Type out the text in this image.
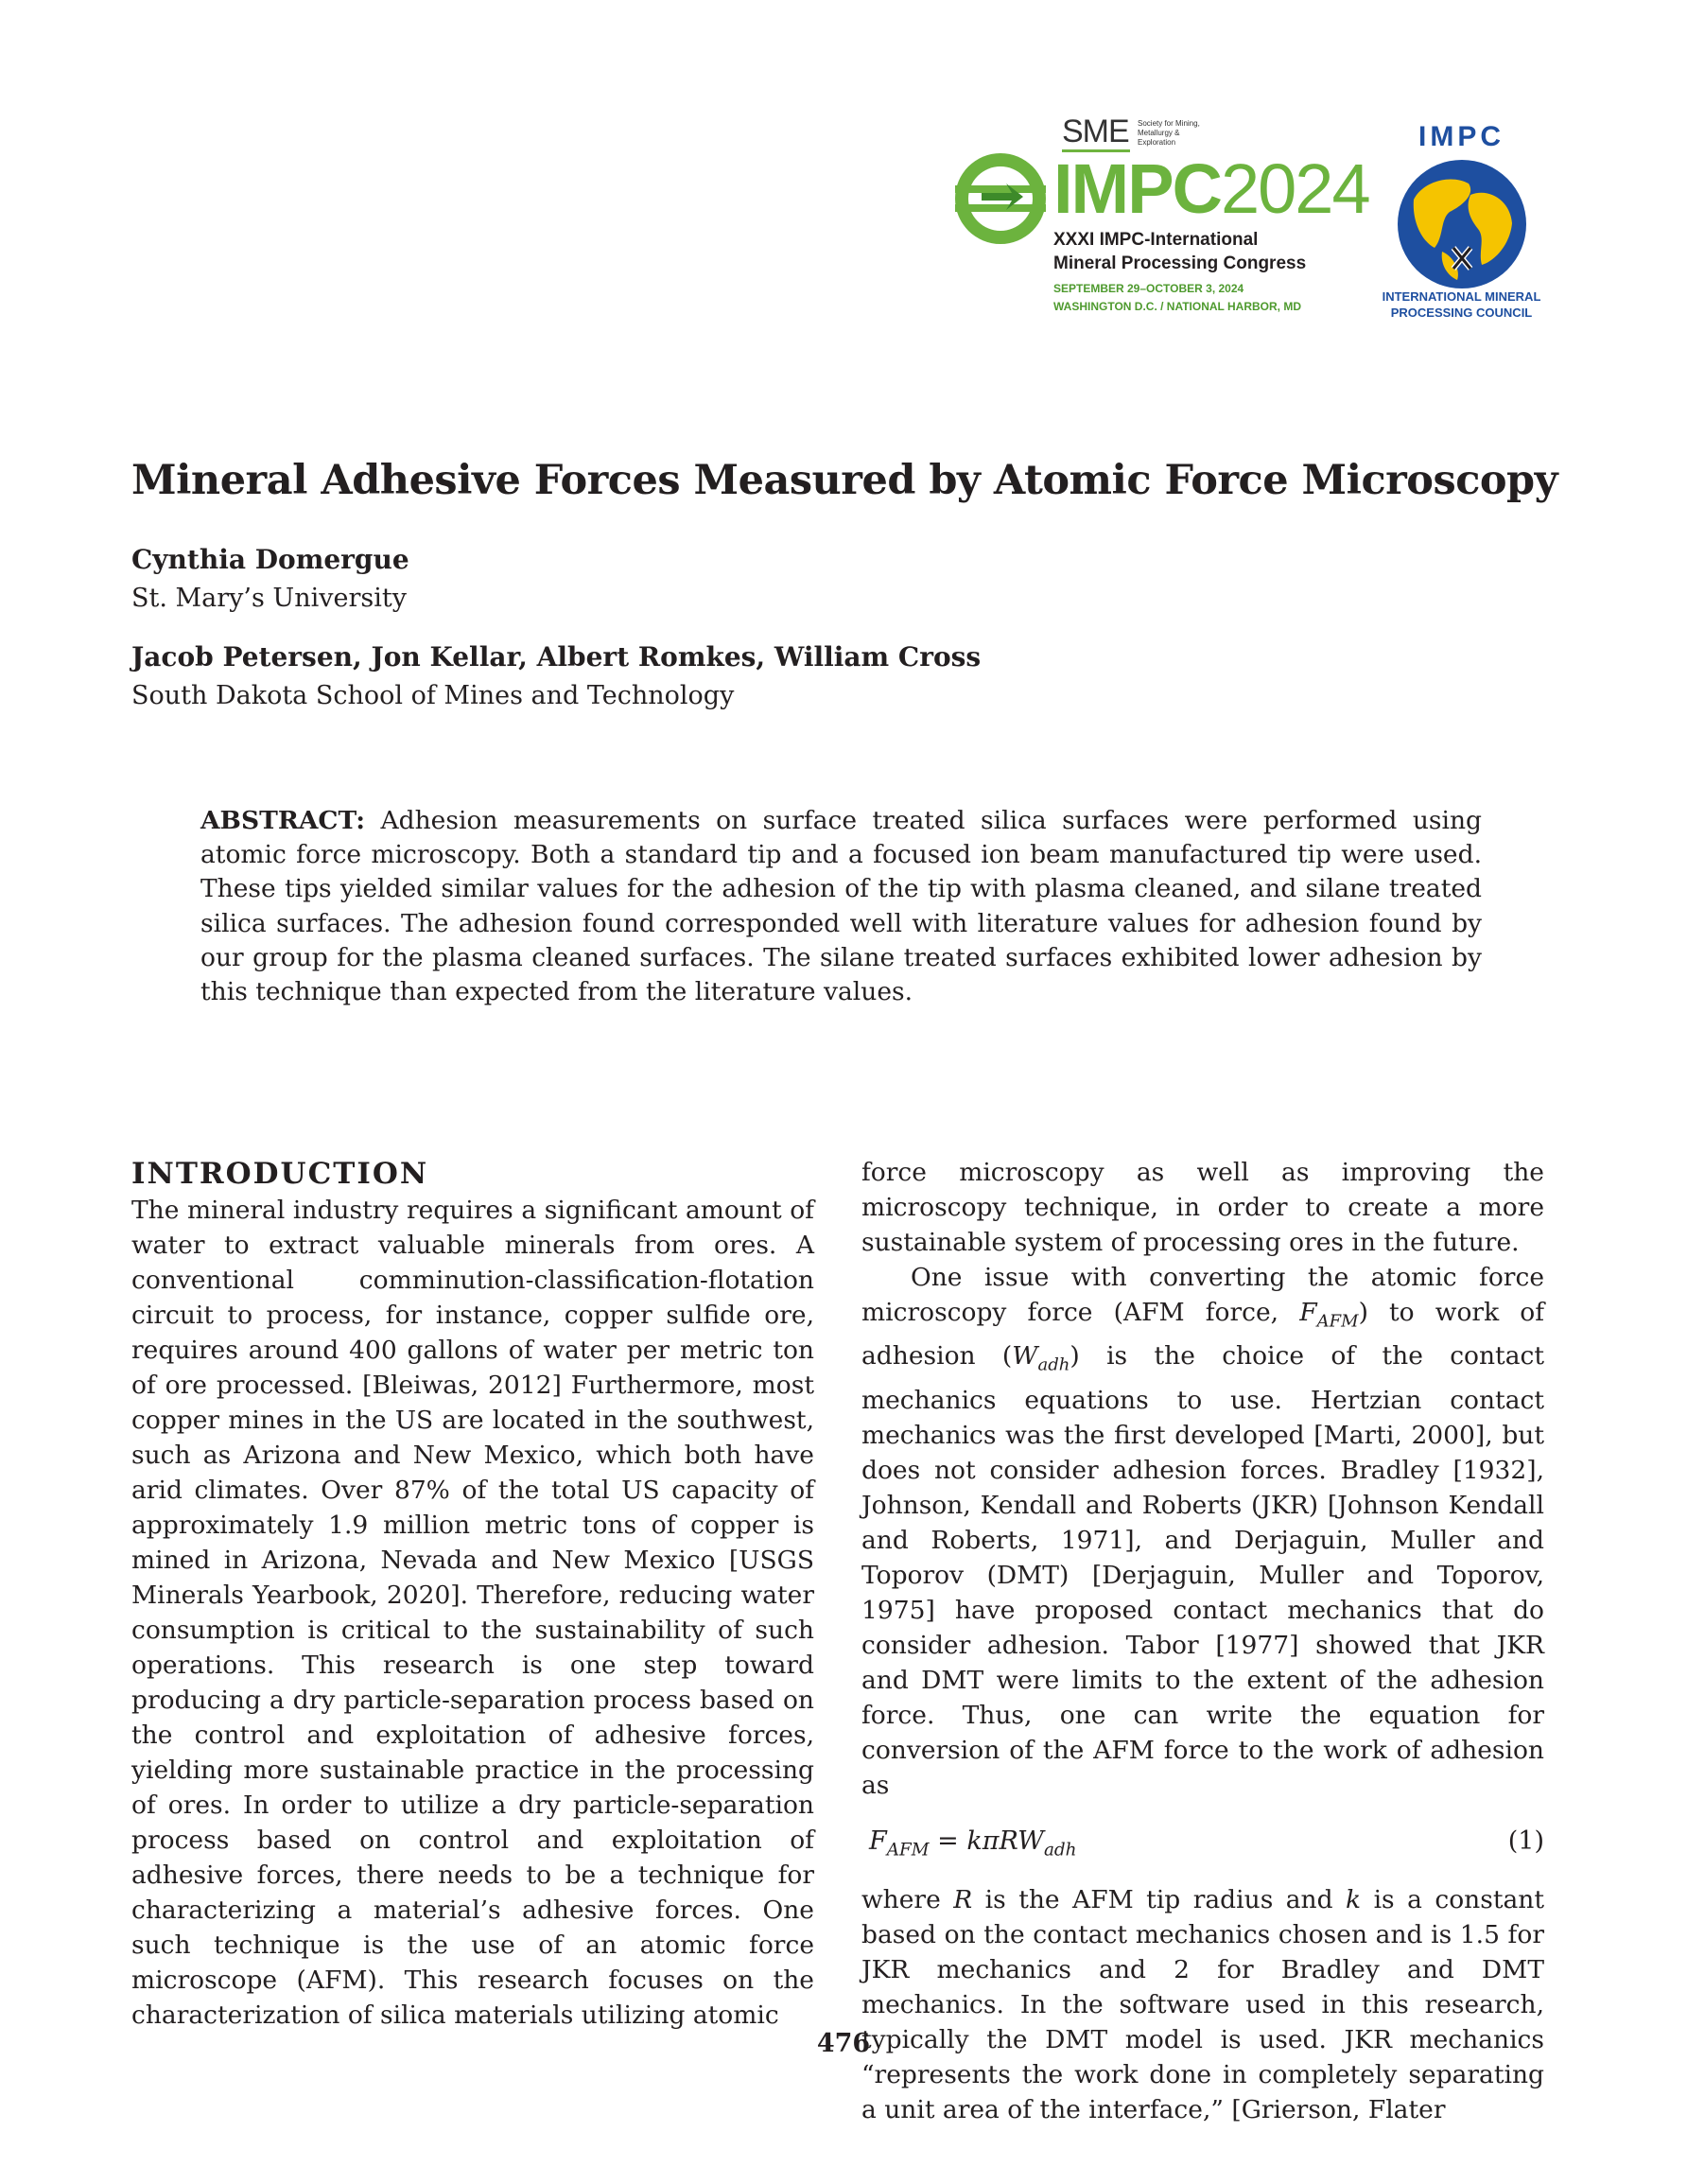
SME Society for Mining, Metallurgy & Exploration
IMPC2024
XXXI IMPC-International
Mineral Processing Congress
SEPTEMBER 29–OCTOBER 3, 2024
WASHINGTON D.C. / NATIONAL HARBOR, MD
IMPC
INTERNATIONAL MINERAL
PROCESSING COUNCIL
Mineral Adhesive Forces Measured by Atomic Force Microscopy
Cynthia Domergue
St. Mary’s University
Jacob Petersen, Jon Kellar, Albert Romkes, William Cross
South Dakota School of Mines and Technology

ABSTRACT: Adhesion measurements on surface treated silica surfaces were performed using atomic force microscopy. Both a standard tip and a focused ion beam manufactured tip were used. These tips yielded similar values for the adhesion of the tip with plasma cleaned, and silane treated silica surfaces. The adhesion found corresponded well with literature values for adhesion found by our group for the plasma cleaned surfaces. The silane treated surfaces exhibited lower adhesion by this technique than expected from the literature values.

INTRODUCTION

The mineral industry requires a significant amount of water to extract valuable minerals from ores. A conventional comminution-classification-flotation circuit to process, for instance, copper sulfide ore, requires around 400 gallons of water per metric ton of ore processed. [Bleiwas, 2012] Furthermore, most copper mines in the US are located in the southwest, such as Arizona and New Mexico, which both have arid climates. Over 87% of the total US capacity of approximately 1.9 million metric tons of copper is mined in Arizona, Nevada and New Mexico [USGS Minerals Yearbook, 2020]. Therefore, reducing water consumption is critical to the sustainability of such operations. This research is one step toward producing a dry particle-separation process based on the control and exploitation of adhesive forces, yielding more sustainable practice in the processing of ores. In order to utilize a dry particle-separation process based on control and exploitation of adhesive forces, there needs to be a technique for characterizing a material’s adhesive forces. One such technique is the use of an atomic force microscope (AFM). This research focuses on the characterization of silica materials utilizing atomic

force microscopy as well as improving the microscopy technique, in order to create a more sustainable system of processing ores in the future.

One issue with converting the atomic force microscopy force (AFM force, $F_{AFM}$) to work of adhesion $(W_{adh})$ is the choice of the contact mechanics equations to use. Hertzian contact mechanics was the first developed [Marti, 2000], but does not consider adhesion forces. Bradley [1932], Johnson, Kendall and Roberts (JKR) [Johnson Kendall and Roberts, 1971], and Derjaguin, Muller and Toporov (DMT) [Derjaguin, Muller and Toporov, 1975] have proposed contact mechanics that do consider adhesion. Tabor [1977] showed that JKR and DMT were limits to the extent of the adhesion force. Thus, one can write the equation for conversion of the AFM force to the work of adhesion as

$F_{AFM} = k\pi RW_{adh}$	(1)

where R is the AFM tip radius and k is a constant based on the contact mechanics chosen and is 1.5 for JKR mechanics and 2 for Bradley and DMT mechanics. In the software used in this research, typically the DMT model is used. JKR mechanics “represents the work done in completely separating a unit area of the interface,” [Grierson, Flater

476
